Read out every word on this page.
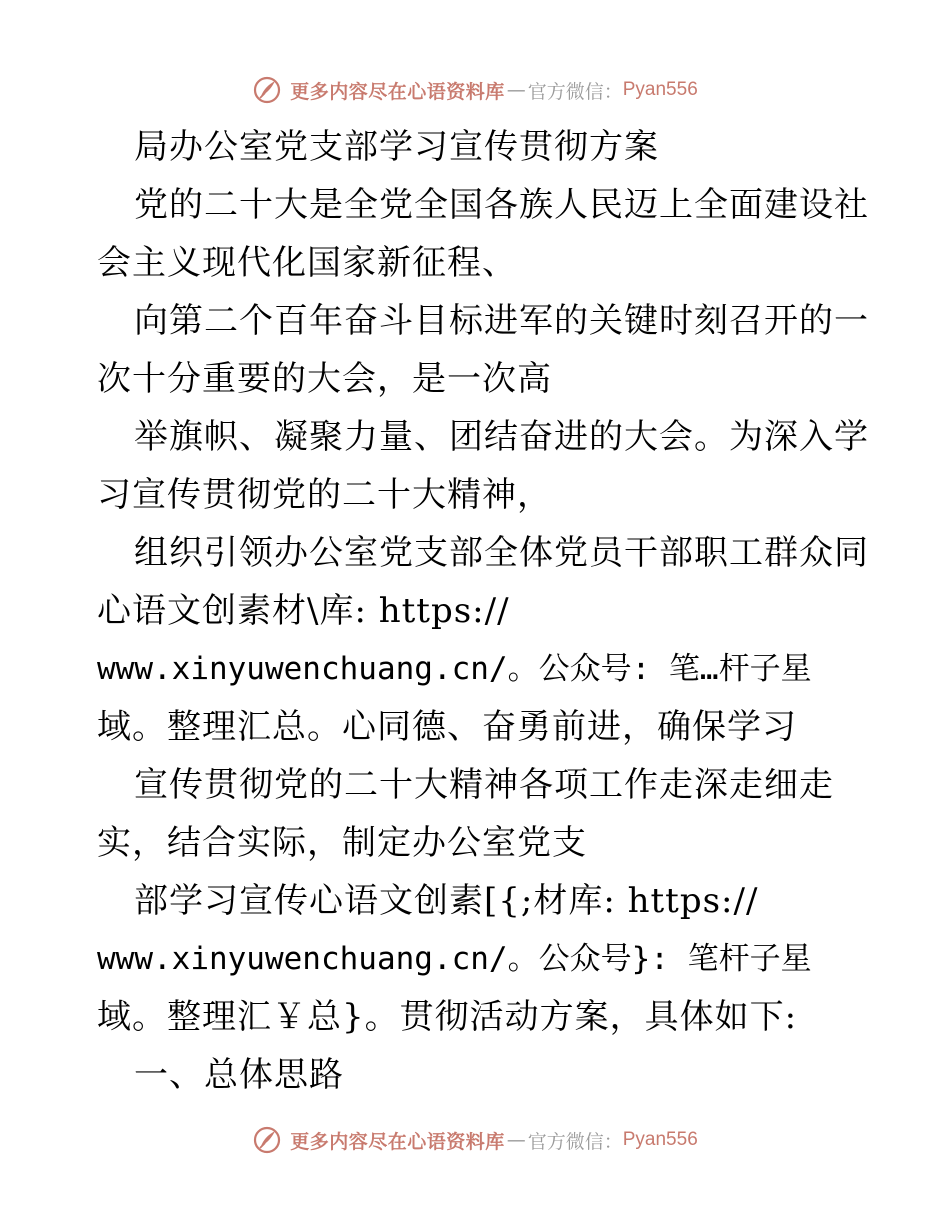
更多内容尽在心语资料库 — 官方微信： Pyan556
局办公室党支部学习宣传贯彻方案
党的二十大是全党全国各族人民迈上全面建设社
会主义现代化国家新征程、
向第二个百年奋斗目标进军的关键时刻召开的一
次十分重要的大会，是一次高
举旗帜、凝聚力量、团结奋进的大会。为深入学
习宣传贯彻党的二十大精神，
组织引领办公室党支部全体党员干部职工群众同
心语文创素材\库: https://
www.xinyuwenchuang.cn/。公众号: 笔…杆子星
域。整理汇总。心同德、奋勇前进，确保学习
宣传贯彻党的二十大精神各项工作走深走细走
实，结合实际，制定办公室党支
部学习宣传心语文创素[{;材库: https://
www.xinyuwenchuang.cn/。公众号}: 笔杆子星
域。整理汇￥总}。贯彻活动方案，具体如下:
一、总体思路
更多内容尽在心语资料库 — 官方微信： Pyan556
